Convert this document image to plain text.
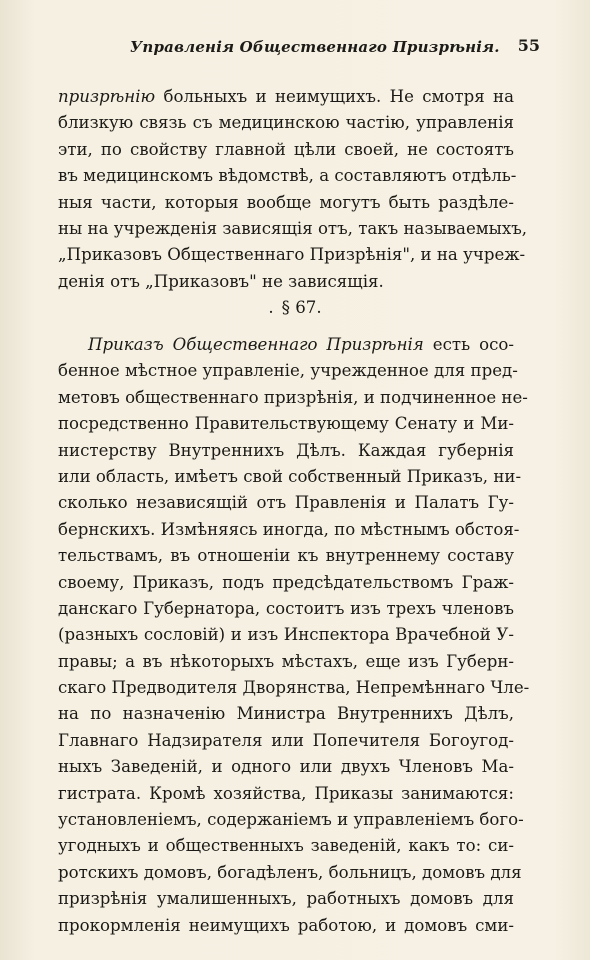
Управленія Общественнаго Призрѣнія. 55
призрѣнію больныхъ и неимущихъ. Не смотря на
близкую связь съ медицинскою частію, управленія
эти, по свойству главной цѣли своей, не состоятъ
въ медицинскомъ вѣдомствѣ, а составляютъ отдѣль-
ныя части, которыя вообще могутъ быть раздѣле-
ны на учрежденія зависящія отъ, такъ называемыхъ,
„Приказовъ Общественнаго Призрѣнія", и на учреж-
денія отъ „Приказовъ" не зависящія.
. § 67.
Приказъ Общественнаго Призрѣнія есть осо-
бенное мѣстное управленіе, учрежденное для пред-
метовъ общественнаго призрѣнія, и подчиненное не-
посредственно Правительствующему Сенату и Ми-
нистерству Внутреннихъ Дѣлъ. Каждая губернія
или область, имѣетъ свой собственный Приказъ, ни-
сколько независящій отъ Правленія и Палатъ Гу-
бернскихъ. Измѣняясь иногда, по мѣстнымъ обстоя-
тельствамъ, въ отношеніи къ внутреннему составу
своему, Приказъ, подъ предсѣдательствомъ Граж-
данскаго Губернатора, состоитъ изъ трехъ членовъ
(разныхъ сословій) и изъ Инспектора Врачебной У-
правы; а въ нѣкоторыхъ мѣстахъ, еще изъ Губерн-
скаго Предводителя Дворянства, Непремѣннаго Чле-
на по назначенію Министра Внутреннихъ Дѣлъ,
Главнаго Надзирателя или Попечителя Богоугод-
ныхъ Заведеній, и одного или двухъ Членовъ Ма-
гистрата. Кромѣ хозяйства, Приказы занимаются:
установленіемъ, содержаніемъ и управленіемъ бого-
угодныхъ и общественныхъ заведеній, какъ то: си-
ротскихъ домовъ, богадѣленъ, больницъ, домовъ для
призрѣнія умалишенныхъ, работныхъ домовъ для
прокормленія неимущихъ работою, и домовъ сми-
